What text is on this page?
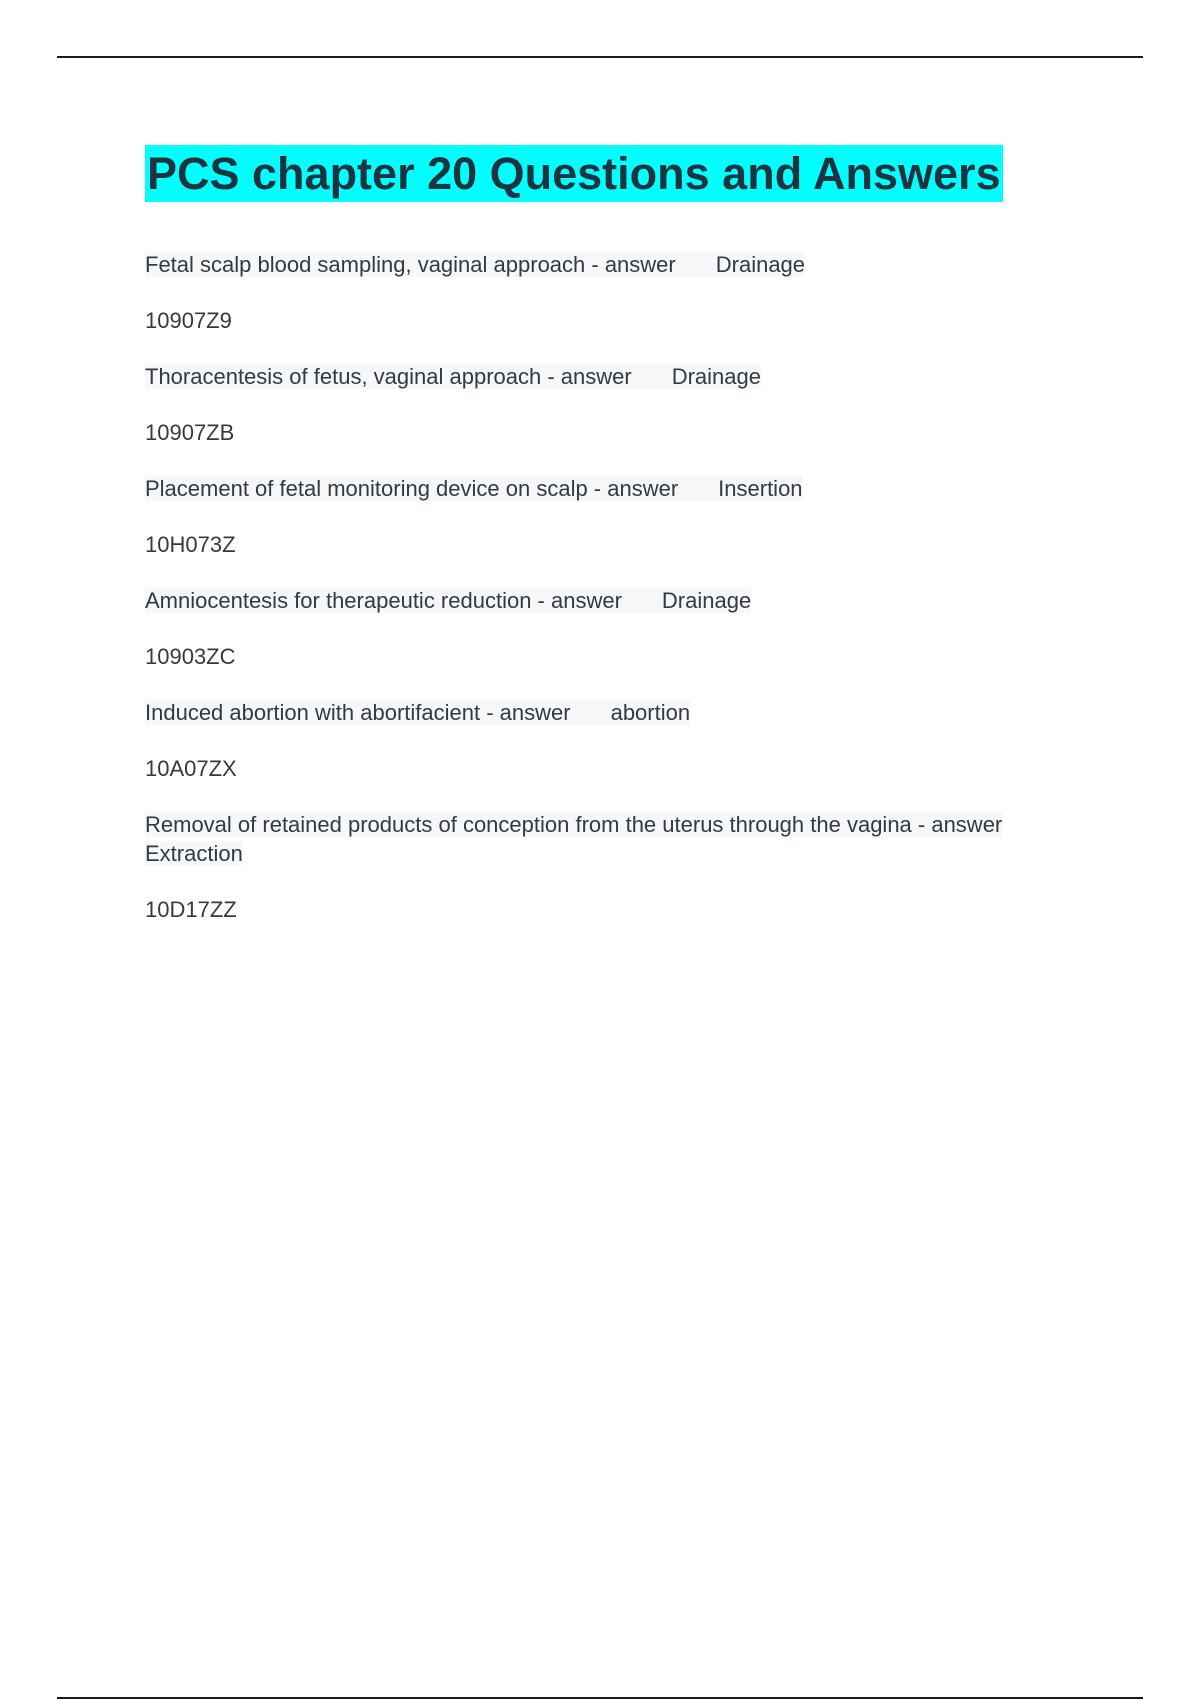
PCS chapter 20 Questions and Answers
Fetal scalp blood sampling, vaginal approach - answer Drainage
10907Z9
Thoracentesis of fetus, vaginal approach - answer Drainage
10907ZB
Placement of fetal monitoring device on scalp - answer Insertion
10H073Z
Amniocentesis for therapeutic reduction - answer Drainage
10903ZC
Induced abortion with abortifacient - answer abortion
10A07ZX
Removal of retained products of conception from the uterus through the vagina - answer Extraction
10D17ZZ
